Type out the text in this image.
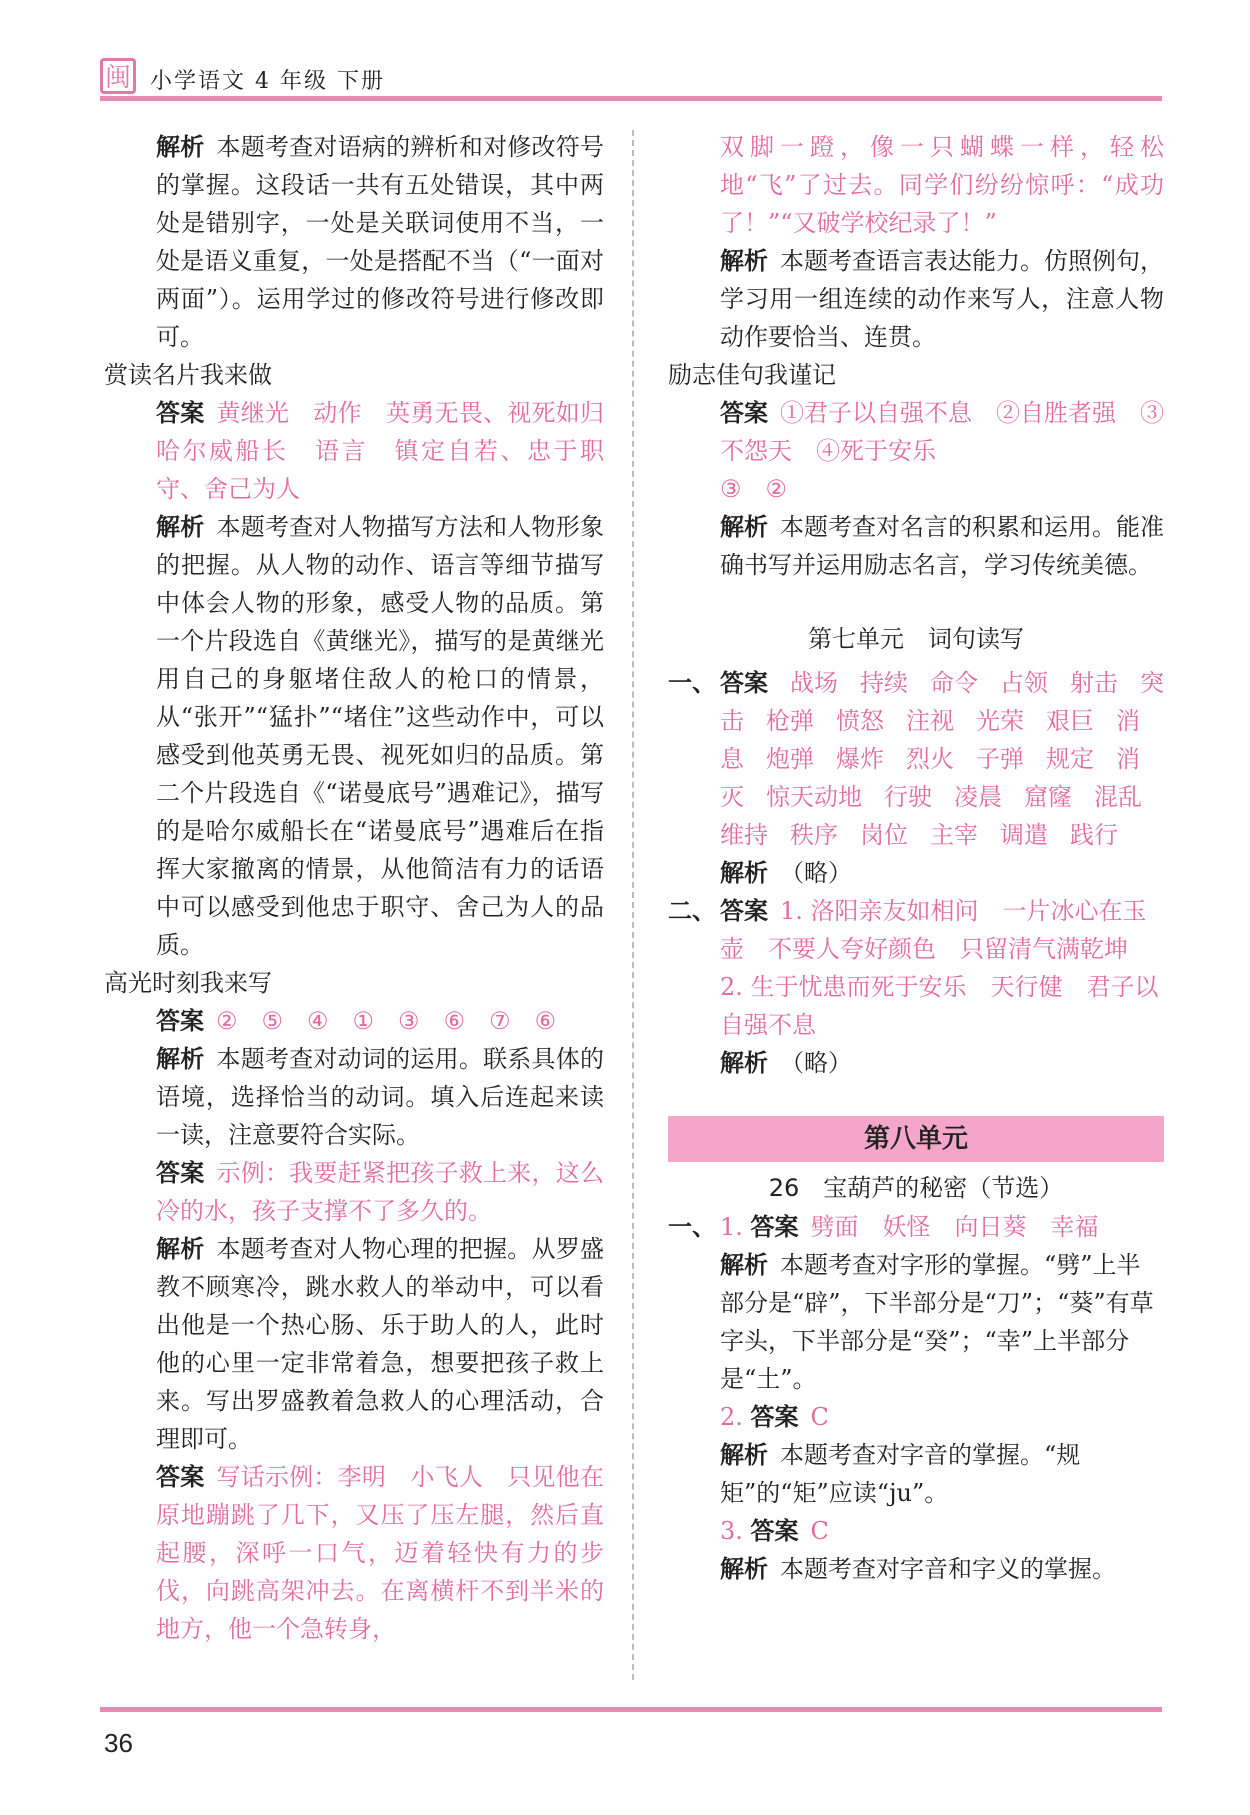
闽 小学语文 4 年级 下册

解析 本题考查对语病的辨析和对修改符号的掌握。这段话一共有五处错误，其中两处是错别字，一处是关联词使用不当，一处是语义重复，一处是搭配不当（“一面对两面”）。运用学过的修改符号进行修改即可。

赏读名片我来做

答案 黄继光　动作　英勇无畏、视死如归　哈尔威船长　语言　镇定自若、忠于职守、舍己为人

解析 本题考查对人物描写方法和人物形象的把握。从人物的动作、语言等细节描写中体会人物的形象，感受人物的品质。第一个片段选自《黄继光》，描写的是黄继光用自己的身躯堵住敌人的枪口的情景，从“张开”“猛扑”“堵住”这些动作中，可以感受到他英勇无畏、视死如归的品质。第二个片段选自《“诺曼底号”遇难记》，描写的是哈尔威船长在“诺曼底号”遇难后在指挥大家撤离的情景，从他简洁有力的话语中可以感受到他忠于职守、舍己为人的品质。

高光时刻我来写

答案 ②　⑤　④　①　③　⑥　⑦　⑥

解析 本题考查对动词的运用。联系具体的语境，选择恰当的动词。填入后连起来读一读，注意要符合实际。

答案 示例：我要赶紧把孩子救上来，这么冷的水，孩子支撑不了多久的。

解析 本题考查对人物心理的把握。从罗盛教不顾寒冷，跳水救人的举动中，可以看出他是一个热心肠、乐于助人的人，此时他的心里一定非常着急，想要把孩子救上来。写出罗盛教着急救人的心理活动，合理即可。

答案 写话示例：李明　小飞人　只见他在原地蹦跳了几下，又压了压左腿，然后直起腰，深呼一口气，迈着轻快有力的步伐，向跳高架冲去。在离横杆不到半米的地方，他一个急转身，

双脚一蹬，像一只蝴蝶一样，轻松地“飞”了过去。同学们纷纷惊呼：“成功了！”“又破学校纪录了！”

解析 本题考查语言表达能力。仿照例句，学习用一组连续的动作来写人，注意人物动作要恰当、连贯。

励志佳句我谨记

答案 ①君子以自强不息　②自胜者强　③不怨天　④死于安乐
③　②

解析 本题考查对名言的积累和运用。能准确书写并运用励志名言，学习传统美德。

第七单元　词句读写

一、 答案 战场 持续 命令 占领 射击 突击 枪弹 愤怒 注视 光荣 艰巨 消息 炮弹 爆炸 烈火 子弹 规定 消灭 惊天动地 行驶 凌晨 窟窿 混乱维持 秩序 岗位 主宰 调遣 践行
解析 （略）
二、 答案 1. 洛阳亲友如相问　一片冰心在玉壶　不要人夸好颜色　只留清气满乾坤　2. 生于忧患而死于安乐　天行健　君子以自强不息
解析 （略）
第八单元

26　宝葫芦的秘密（节选）

一、 1. 答案 劈面　妖怪　向日葵　幸福
解析 本题考查对字形的掌握。“劈”上半部分是“辟”，下半部分是“刀”；“葵”有草字头，下半部分是“癸”；“幸”上半部分是“土”。
2. 答案 C
解析 本题考查对字音的掌握。“规矩”的“矩”应读“ju”。
3. 答案 C
解析 本题考查对字音和字义的掌握。
36
